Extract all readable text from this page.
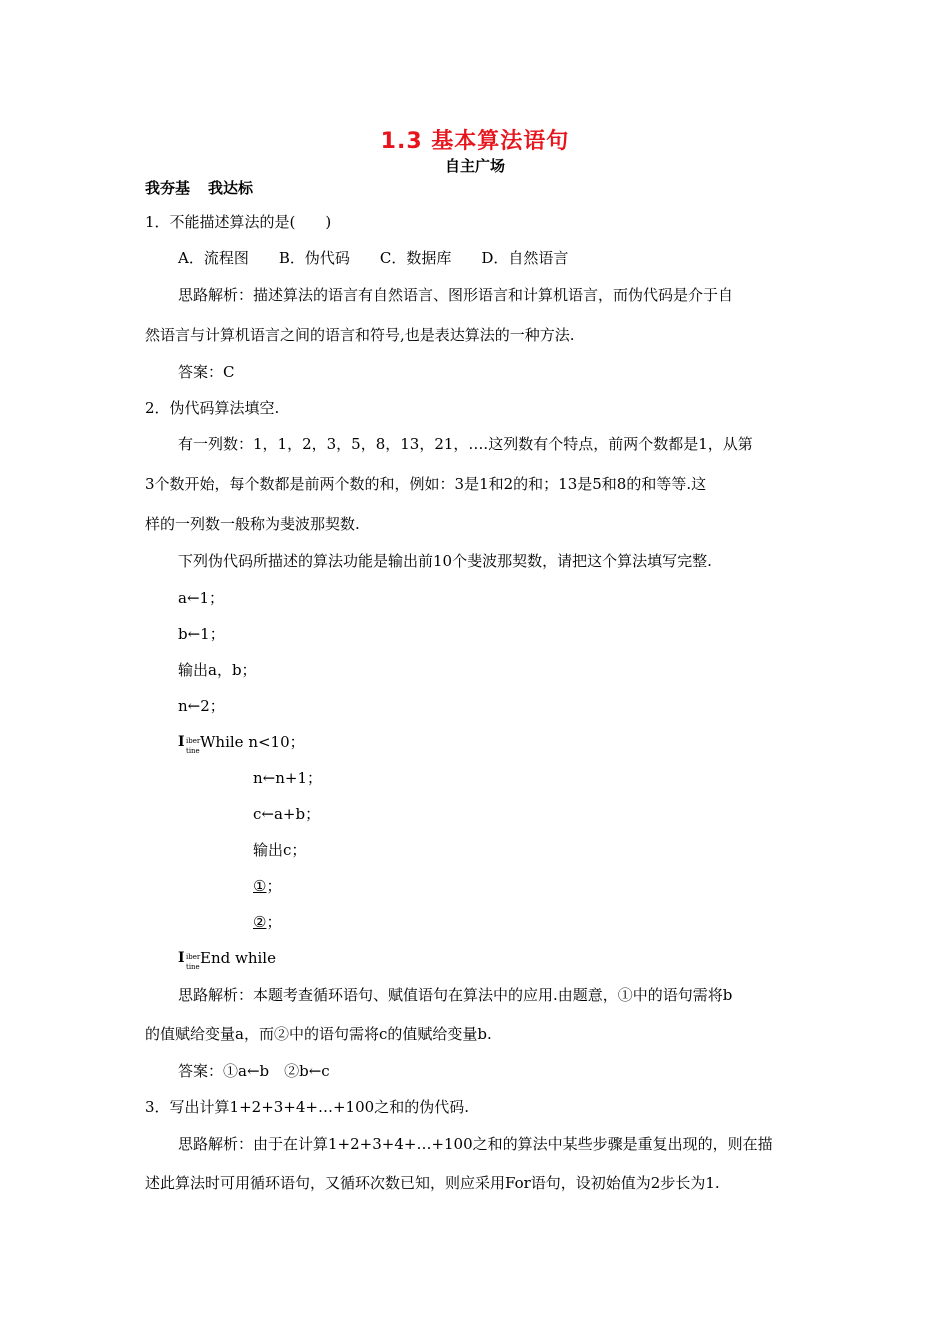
1.3 基本算法语句
自主广场
我夯基 我达标
1．不能描述算法的是(　　)
A．流程图 B．伪代码 C．数据库 D．自然语言
思路解析：描述算法的语言有自然语言、图形语言和计算机语言，而伪代码是介于自
然语言与计算机语言之间的语言和符号,也是表达算法的一种方法.
答案：C
2．伪代码算法填空.
有一列数：1，1，2，3，5，8，13，21，….这列数有个特点，前两个数都是1，从第
3个数开始，每个数都是前两个数的和，例如：3是1和2的和；13是5和8的和等等.这
样的一列数一般称为斐波那契数.
下列伪代码所描述的算法功能是输出前10个斐波那契数，请把这个算法填写完整.
a←1；
b←1；
输出a，b；
n←2；
I iber
tine While n<10；
n←n+1；
c←a+b；
输出c；
①；
②；
I iber
tine End while
思路解析：本题考查循环语句、赋值语句在算法中的应用.由题意，①中的语句需将b
的值赋给变量a，而②中的语句需将c的值赋给变量b.
答案：①a←b　②b←c
3．写出计算1+2+3+4+…+100之和的伪代码.
思路解析：由于在计算1+2+3+4+…+100之和的算法中某些步骤是重复出现的，则在描
述此算法时可用循环语句，又循环次数已知，则应采用For语句，设初始值为2步长为1.
